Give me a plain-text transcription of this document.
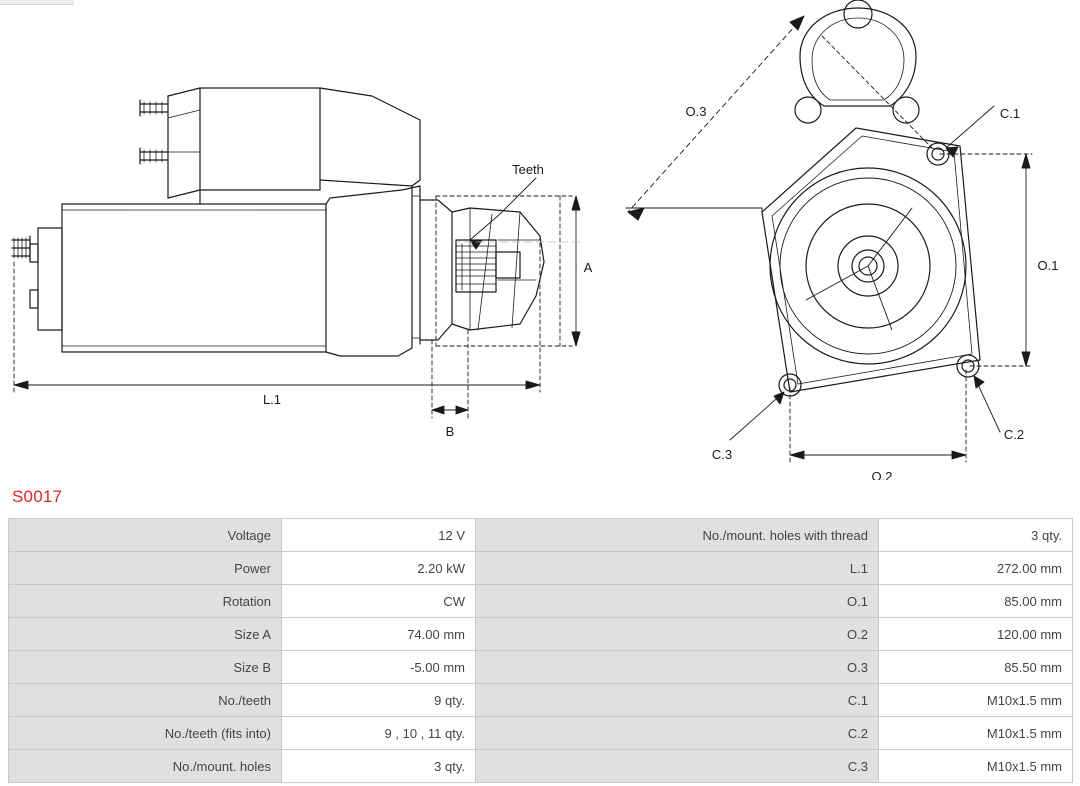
Teeth
L.1
A
B
O.3
O.1
O.2
C.1
C.2
C.3
S0017
Voltage	12 V	No./mount. holes with thread	3 qty.
Power	2.20 kW	L.1	272.00 mm
Rotation	CW	O.1	85.00 mm
Size A	74.00 mm	O.2	120.00 mm
Size B	-5.00 mm	O.3	85.50 mm
No./teeth	9 qty.	C.1	M10x1.5 mm
No./teeth (fits into)	9 , 10 , 11 qty.	C.2	M10x1.5 mm
No./mount. holes	3 qty.	C.3	M10x1.5 mm
